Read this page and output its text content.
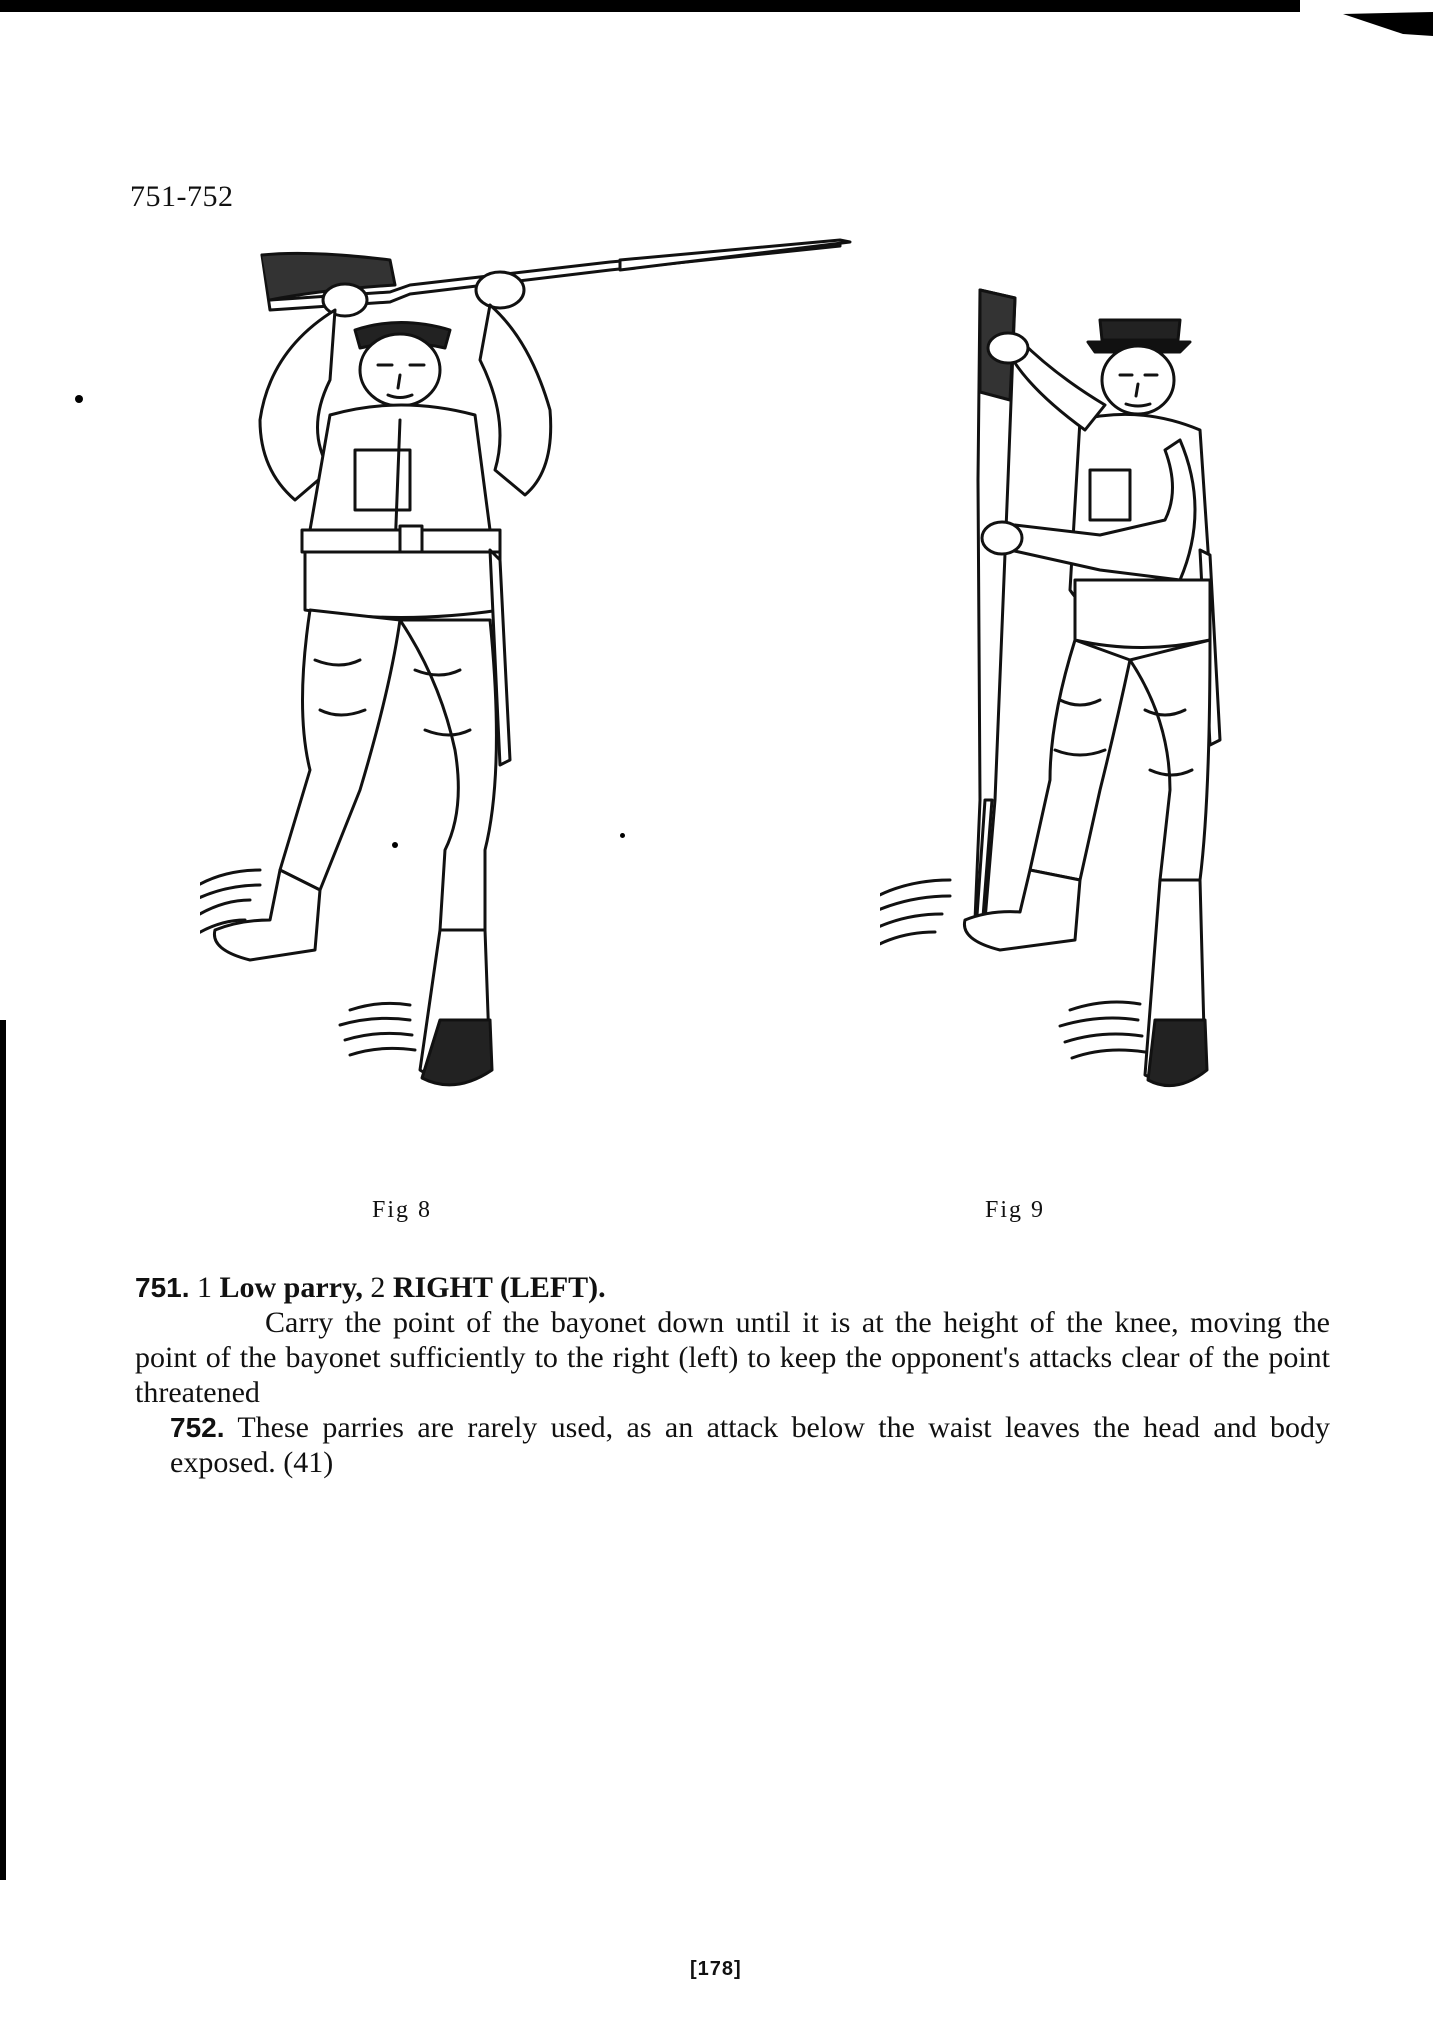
751-752
Fig 8	Fig 9

751. 1 Low parry, 2 RIGHT (LEFT).

Carry the point of the bayonet down until it is at the height of the knee, moving the point of the bayonet sufficiently to the right (left) to keep the opponent's attacks clear of the point threatened

752. These parries are rarely used, as an attack below the waist leaves the head and body exposed. (41)

[178]
